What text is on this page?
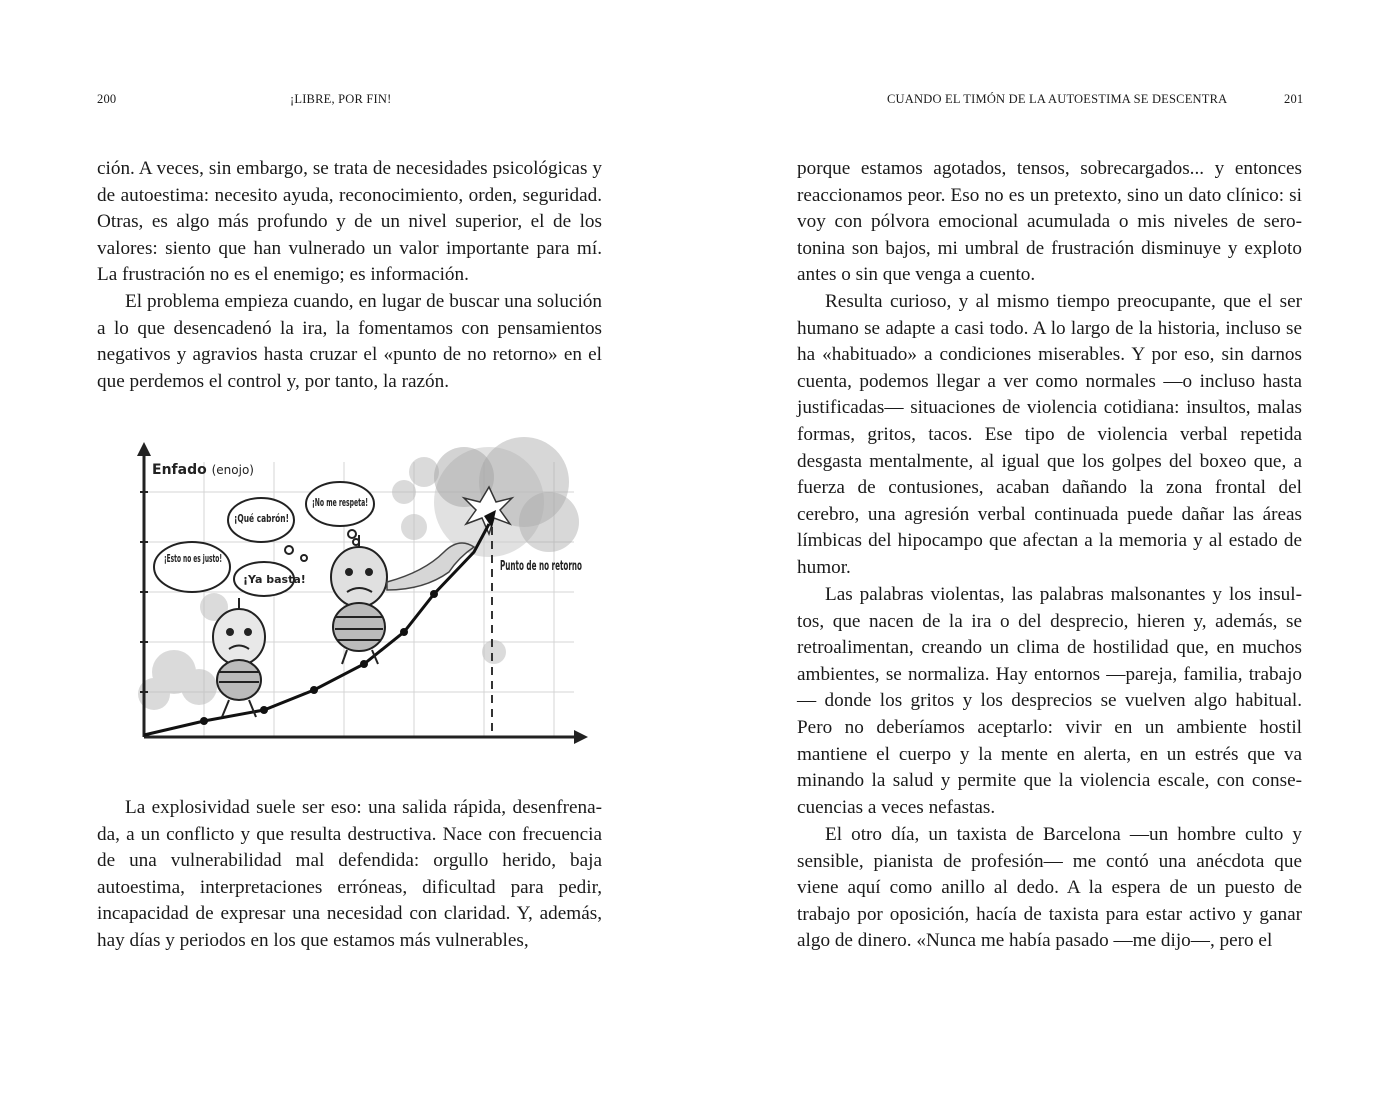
200	¡LIBRE, POR FIN!

ción. A veces, sin embargo, se trata de necesidades psicológicas y de autoestima: necesito ayuda, reconocimiento, orden, seguridad. Otras, es algo más profundo y de un nivel superior, el de los valores: siento que han vulnerado un valor importante para mí. La frustración no es el enemigo; es información.

El problema empieza cuando, en lugar de buscar una solución a lo que desencadenó la ira, la fomentamos con pensamientos negativos y agravios hasta cruzar el «punto de no retorno» en el que perdemos el control y, por tanto, la razón.

Enfado (enojo)
¡Esto no es justo!
¡Ya basta!
¡Qué cabrón!
¡No me respeta!
Punto de no retorno

La explosividad suele ser eso: una salida rápida, desenfrenada, a un conflicto y que resulta destructiva. Nace con frecuencia de una vulnerabilidad mal defendida: orgullo herido, baja autoestima, interpretaciones erróneas, dificultad para pedir, incapacidad de expresar una necesidad con claridad. Y, además, hay días y periodos en los que estamos más vulnerables,

CUANDO EL TIMÓN DE LA AUTOESTIMA SE DESCENTRA	201

porque estamos agotados, tensos, sobrecargados... y entonces reaccionamos peor. Eso no es un pretexto, sino un dato clínico: si voy con pólvora emocional acumulada o mis niveles de serotonina son bajos, mi umbral de frustración disminuye y exploto antes o sin que venga a cuento.

Resulta curioso, y al mismo tiempo preocupante, que el ser humano se adapte a casi todo. A lo largo de la historia, incluso se ha «habituado» a condiciones miserables. Y por eso, sin darnos cuenta, podemos llegar a ver como normales —o incluso hasta justificadas— situaciones de violencia cotidiana: insultos, malas formas, gritos, tacos. Ese tipo de violencia verbal repetida desgasta mentalmente, al igual que los golpes del boxeo que, a fuerza de contusiones, acaban dañando la zona frontal del cerebro, una agresión verbal continuada puede dañar las áreas límbicas del hipocampo que afectan a la memoria y al estado de humor.

Las palabras violentas, las palabras malsonantes y los insultos, que nacen de la ira o del desprecio, hieren y, además, se retroalimentan, creando un clima de hostilidad que, en muchos ambientes, se normaliza. Hay entornos —pareja, familia, trabajo— donde los gritos y los desprecios se vuelven algo habitual. Pero no deberíamos aceptarlo: vivir en un ambiente hostil mantiene el cuerpo y la mente en alerta, en un estrés que va minando la salud y permite que la violencia escale, con consecuencias a veces nefastas.

El otro día, un taxista de Barcelona —un hombre culto y sensible, pianista de profesión— me contó una anécdota que viene aquí como anillo al dedo. A la espera de un puesto de trabajo por oposición, hacía de taxista para estar activo y ganar algo de dinero. «Nunca me había pasado —me dijo—, pero el
